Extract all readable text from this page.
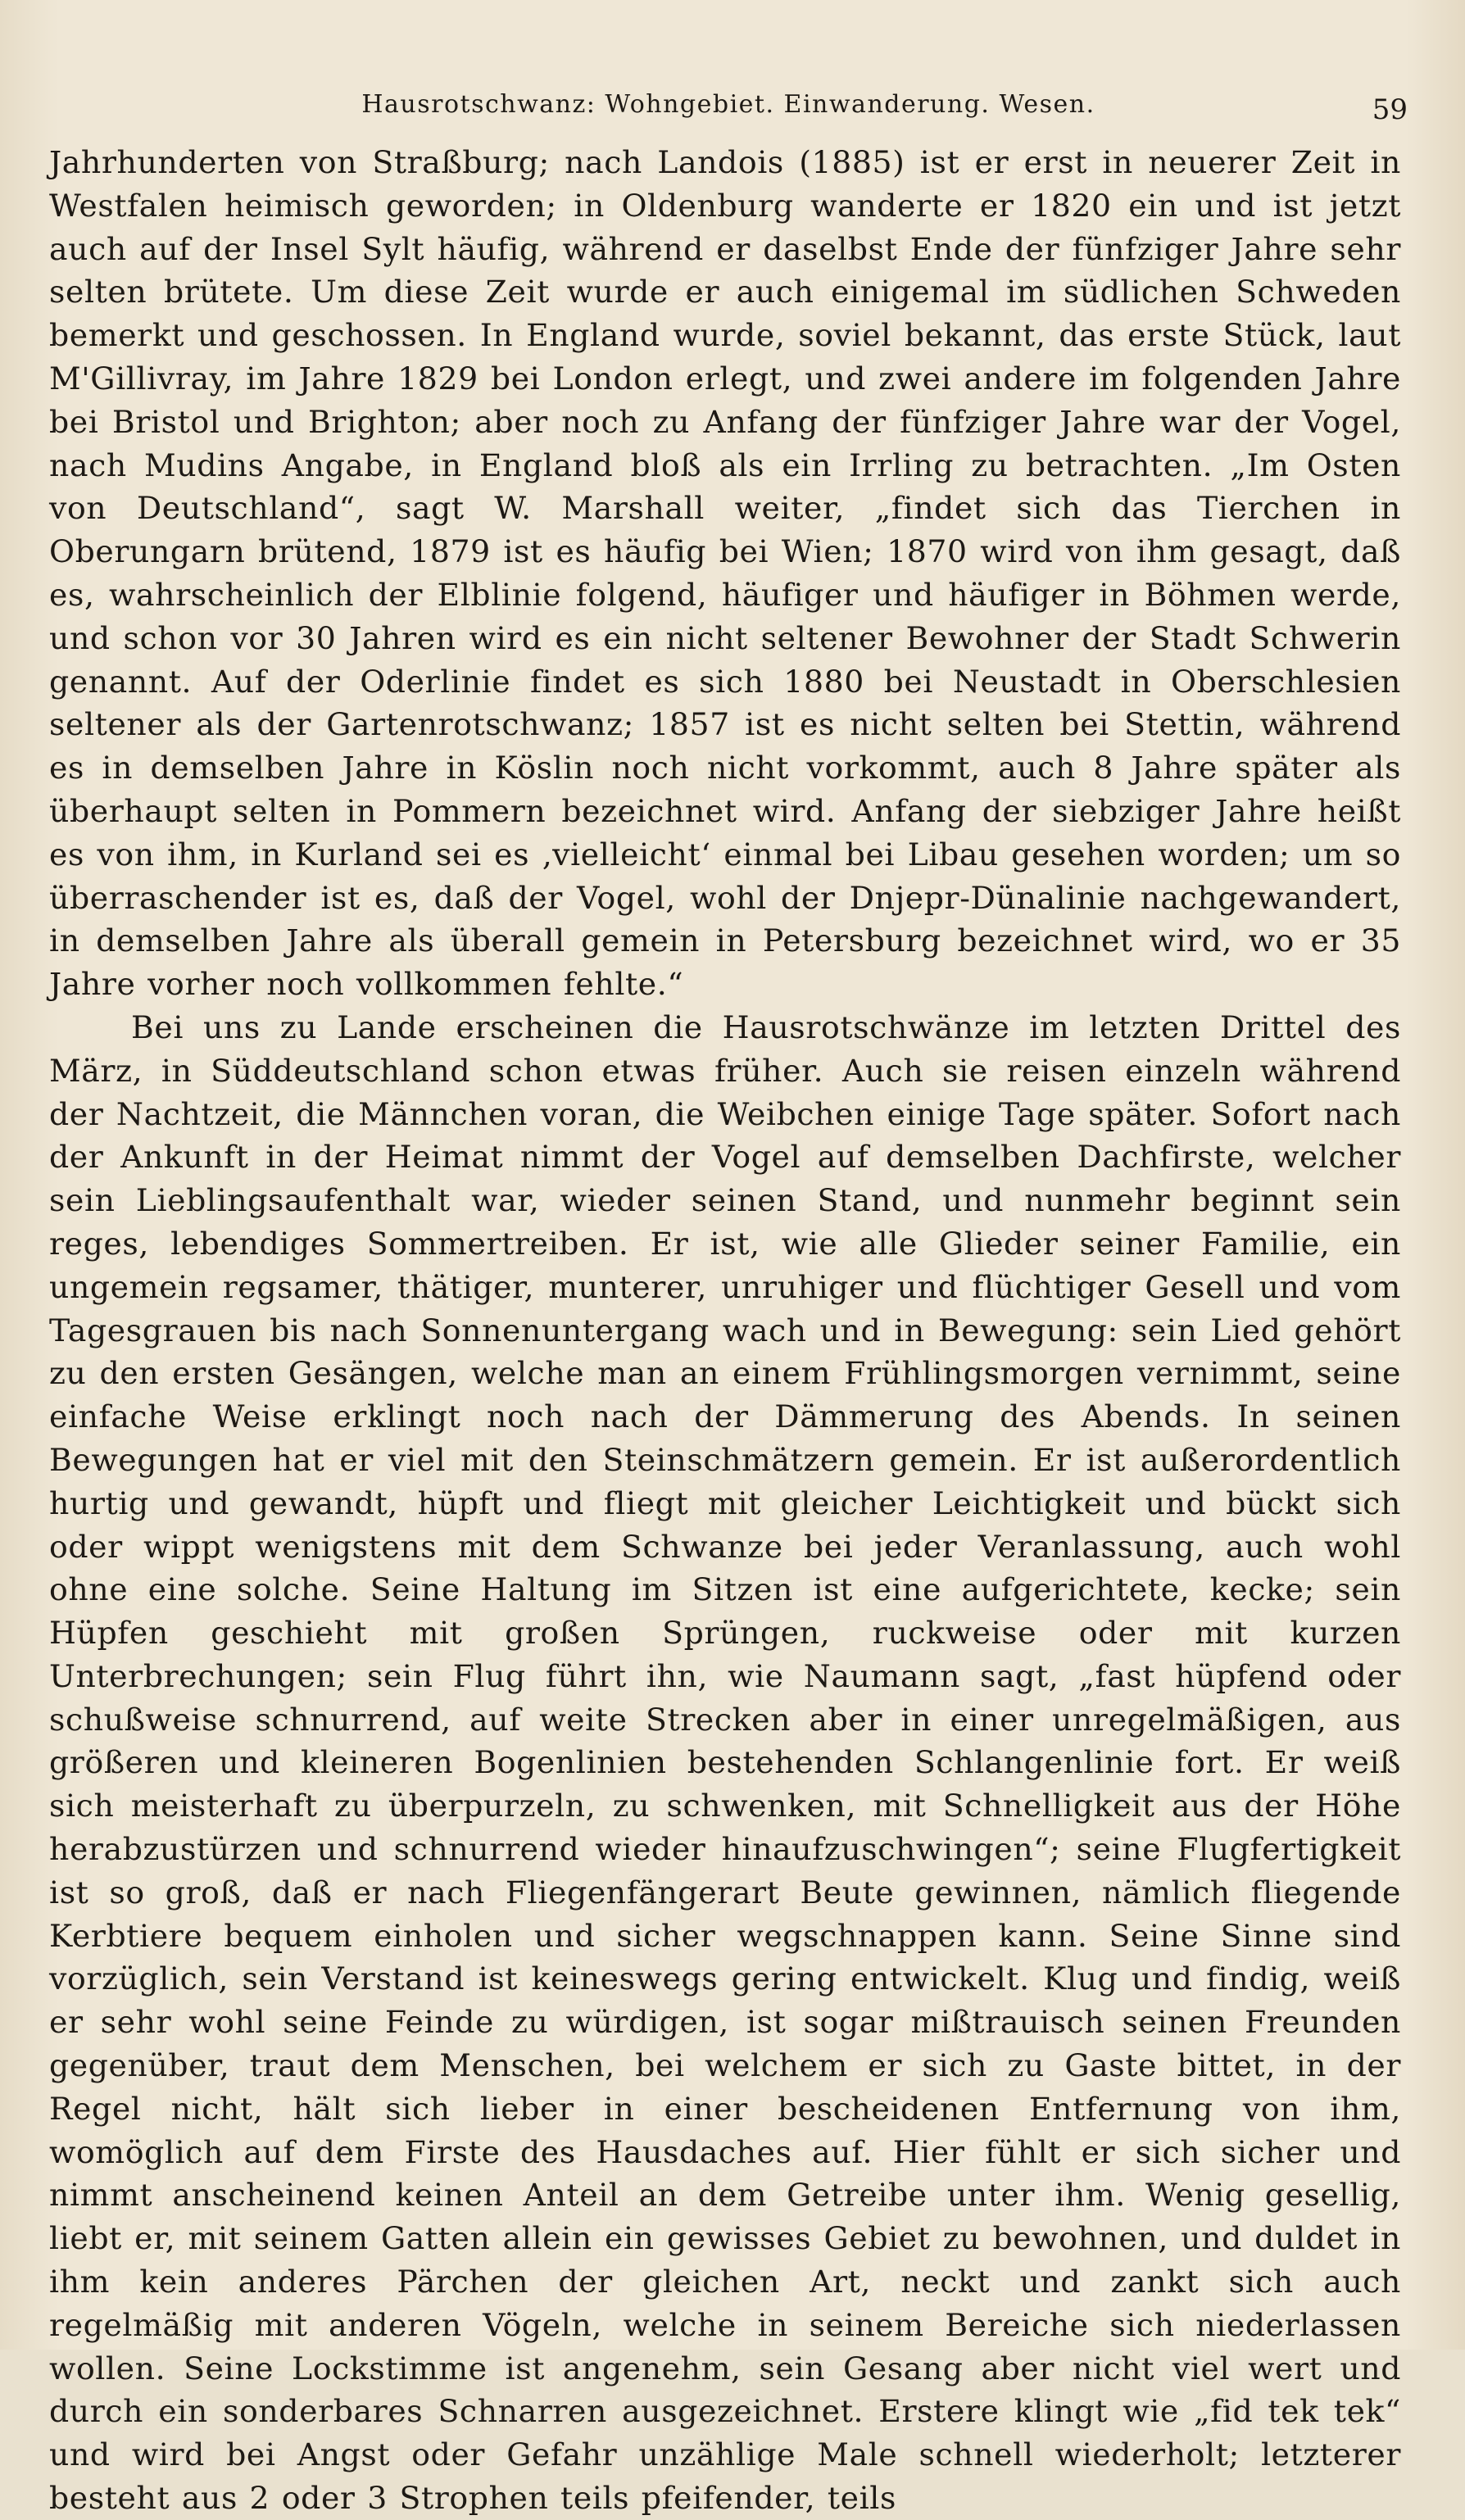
Hausrotschwanz: Wohngebiet. Einwanderung. Wesen.	59

Jahrhunderten von Straßburg; nach Landois (1885) ist er erst in neuerer Zeit in Westfalen heimisch geworden; in Oldenburg wanderte er 1820 ein und ist jetzt auch auf der Insel Sylt häufig, während er daselbst Ende der fünfziger Jahre sehr selten brütete. Um diese Zeit wurde er auch einigemal im südlichen Schweden bemerkt und geschossen. In England wurde, soviel bekannt, das erste Stück, laut M'Gillivray, im Jahre 1829 bei London erlegt, und zwei andere im folgenden Jahre bei Bristol und Brighton; aber noch zu Anfang der fünfziger Jahre war der Vogel, nach Mudins Angabe, in England bloß als ein Irrling zu betrachten. „Im Osten von Deutschland“, sagt W. Marshall weiter, „findet sich das Tierchen in Oberungarn brütend, 1879 ist es häufig bei Wien; 1870 wird von ihm gesagt, daß es, wahrscheinlich der Elblinie folgend, häufiger und häufiger in Böhmen werde, und schon vor 30 Jahren wird es ein nicht seltener Bewohner der Stadt Schwerin genannt. Auf der Oderlinie findet es sich 1880 bei Neustadt in Oberschlesien seltener als der Gartenrotschwanz; 1857 ist es nicht selten bei Stettin, während es in demselben Jahre in Köslin noch nicht vorkommt, auch 8 Jahre später als überhaupt selten in Pommern bezeichnet wird. Anfang der siebziger Jahre heißt es von ihm, in Kurland sei es ‚vielleicht‘ einmal bei Libau gesehen worden; um so überraschender ist es, daß der Vogel, wohl der Dnjepr-Dünalinie nachgewandert, in demselben Jahre als überall gemein in Petersburg bezeichnet wird, wo er 35 Jahre vorher noch vollkommen fehlte.“

Bei uns zu Lande erscheinen die Hausrotschwänze im letzten Drittel des März, in Süddeutschland schon etwas früher. Auch sie reisen einzeln während der Nachtzeit, die Männchen voran, die Weibchen einige Tage später. Sofort nach der Ankunft in der Heimat nimmt der Vogel auf demselben Dachfirste, welcher sein Lieblingsaufenthalt war, wieder seinen Stand, und nunmehr beginnt sein reges, lebendiges Sommertreiben. Er ist, wie alle Glieder seiner Familie, ein ungemein regsamer, thätiger, munterer, unruhiger und flüchtiger Gesell und vom Tagesgrauen bis nach Sonnenuntergang wach und in Bewegung: sein Lied gehört zu den ersten Gesängen, welche man an einem Frühlingsmorgen vernimmt, seine einfache Weise erklingt noch nach der Dämmerung des Abends. In seinen Bewegungen hat er viel mit den Steinschmätzern gemein. Er ist außerordentlich hurtig und gewandt, hüpft und fliegt mit gleicher Leichtigkeit und bückt sich oder wippt wenigstens mit dem Schwanze bei jeder Veranlassung, auch wohl ohne eine solche. Seine Haltung im Sitzen ist eine aufgerichtete, kecke; sein Hüpfen geschieht mit großen Sprüngen, ruckweise oder mit kurzen Unterbrechungen; sein Flug führt ihn, wie Naumann sagt, „fast hüpfend oder schußweise schnurrend, auf weite Strecken aber in einer unregelmäßigen, aus größeren und kleineren Bogenlinien bestehenden Schlangenlinie fort. Er weiß sich meisterhaft zu überpurzeln, zu schwenken, mit Schnelligkeit aus der Höhe herabzustürzen und schnurrend wieder hinaufzuschwingen“; seine Flugfertigkeit ist so groß, daß er nach Fliegenfängerart Beute gewinnen, nämlich fliegende Kerbtiere bequem einholen und sicher wegschnappen kann. Seine Sinne sind vorzüglich, sein Verstand ist keineswegs gering entwickelt. Klug und findig, weiß er sehr wohl seine Feinde zu würdigen, ist sogar mißtrauisch seinen Freunden gegenüber, traut dem Menschen, bei welchem er sich zu Gaste bittet, in der Regel nicht, hält sich lieber in einer bescheidenen Entfernung von ihm, womöglich auf dem Firste des Hausdaches auf. Hier fühlt er sich sicher und nimmt anscheinend keinen Anteil an dem Getreibe unter ihm. Wenig gesellig, liebt er, mit seinem Gatten allein ein gewisses Gebiet zu bewohnen, und duldet in ihm kein anderes Pärchen der gleichen Art, neckt und zankt sich auch regelmäßig mit anderen Vögeln, welche in seinem Bereiche sich niederlassen wollen. Seine Lockstimme ist angenehm, sein Gesang aber nicht viel wert und durch ein sonderbares Schnarren ausgezeichnet. Erstere klingt wie „fid tek tek“ und wird bei Angst oder Gefahr unzählige Male schnell wiederholt; letzterer besteht aus 2 oder 3 Strophen teils pfeifender, teils
